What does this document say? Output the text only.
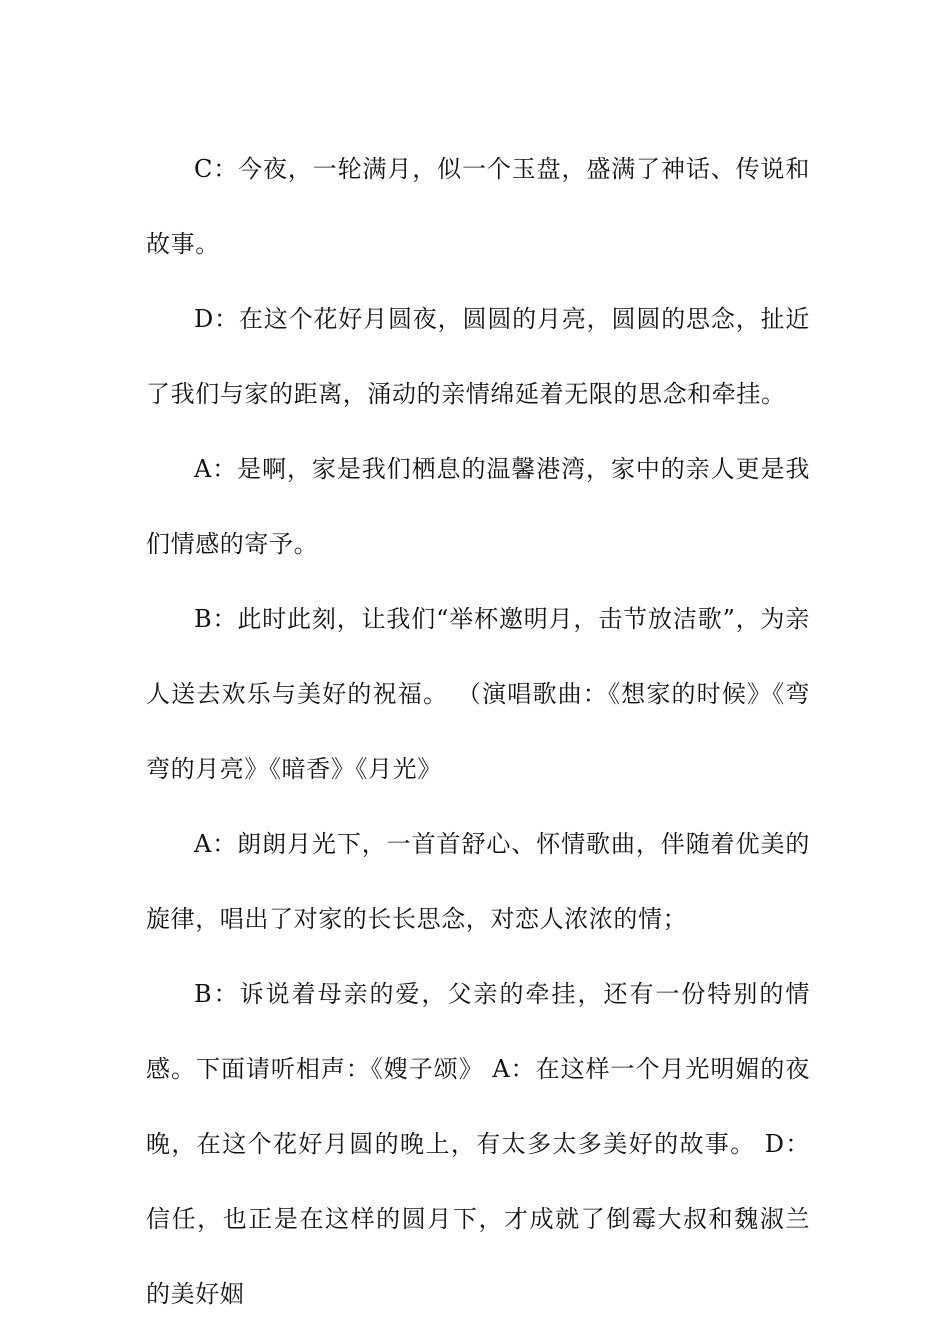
C：今夜，一轮满月，似一个玉盘，盛满了神话、传说和故事。

D：在这个花好月圆夜，圆圆的月亮，圆圆的思念，扯近了我们与家的距离，涌动的亲情绵延着无限的思念和牵挂。

A：是啊，家是我们栖息的温馨港湾，家中的亲人更是我们情感的寄予。

B：此时此刻，让我们“举杯邀明月，击节放洁歌”，为亲人送去欢乐与美好的祝福。 （演唱歌曲：《想家的时候》《弯弯的月亮》《暗香》《月光》

A：朗朗月光下，一首首舒心、怀情歌曲，伴随着优美的旋律，唱出了对家的长长思念，对恋人浓浓的情；

B：诉说着母亲的爱，父亲的牵挂，还有一份特别的情感。下面请听相声：《嫂子颂》 A：在这样一个月光明媚的夜晚，在这个花好月圆的晚上，有太多太多美好的故事。 D：信任，也正是在这样的圆月下，才成就了倒霉大叔和魏淑兰的美好姻
